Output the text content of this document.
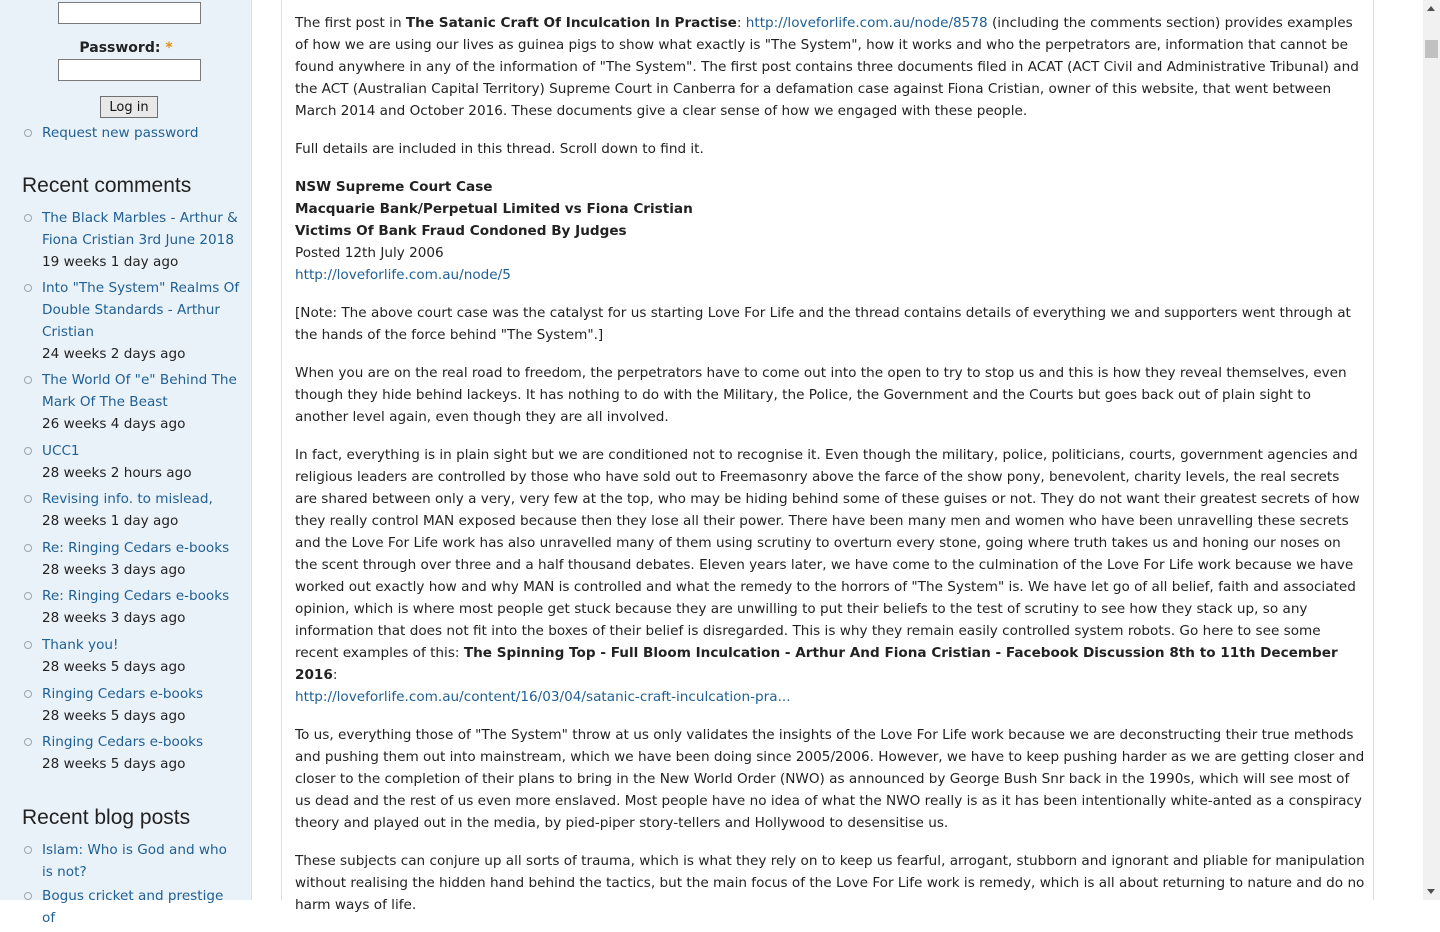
Password: *
Log in
Request new password
Recent comments
The Black Marbles - Arthur & Fiona Cristian 3rd June 2018
19 weeks 1 day ago
Into "The System" Realms Of Double Standards - Arthur Cristian
24 weeks 2 days ago
The World Of "e" Behind The Mark Of The Beast
26 weeks 4 days ago
UCC1
28 weeks 2 hours ago
Revising info. to mislead,
28 weeks 1 day ago
Re: Ringing Cedars e-books
28 weeks 3 days ago
Re: Ringing Cedars e-books
28 weeks 3 days ago
Thank you!
28 weeks 5 days ago
Ringing Cedars e-books
28 weeks 5 days ago
Ringing Cedars e-books
28 weeks 5 days ago
Recent blog posts
Islam: Who is God and who is not?
Bogus cricket and prestige of

The first post in The Satanic Craft Of Inculcation In Practise: http://loveforlife.com.au/node/8578 (including the comments section) provides examples of how we are using our lives as guinea pigs to show what exactly is "The System", how it works and who the perpetrators are, information that cannot be found anywhere in any of the information of "The System". The first post contains three documents filed in ACAT (ACT Civil and Administrative Tribunal) and the ACT (Australian Capital Territory) Supreme Court in Canberra for a defamation case against Fiona Cristian, owner of this website, that went between March 2014 and October 2016. These documents give a clear sense of how we engaged with these people.

Full details are included in this thread. Scroll down to find it.

NSW Supreme Court Case
Macquarie Bank/Perpetual Limited vs Fiona Cristian
Victims Of Bank Fraud Condoned By Judges
Posted 12th July 2006
http://loveforlife.com.au/node/5

[Note: The above court case was the catalyst for us starting Love For Life and the thread contains details of everything we and supporters went through at the hands of the force behind "The System".]

When you are on the real road to freedom, the perpetrators have to come out into the open to try to stop us and this is how they reveal themselves, even though they hide behind lackeys. It has nothing to do with the Military, the Police, the Government and the Courts but goes back out of plain sight to another level again, even though they are all involved.

In fact, everything is in plain sight but we are conditioned not to recognise it. Even though the military, police, politicians, courts, government agencies and religious leaders are controlled by those who have sold out to Freemasonry above the farce of the show pony, benevolent, charity levels, the real secrets are shared between only a very, very few at the top, who may be hiding behind some of these guises or not. They do not want their greatest secrets of how they really control MAN exposed because then they lose all their power. There have been many men and women who have been unravelling these secrets and the Love For Life work has also unravelled many of them using scrutiny to overturn every stone, going where truth takes us and honing our noses on the scent through over three and a half thousand debates. Eleven years later, we have come to the culmination of the Love For Life work because we have worked out exactly how and why MAN is controlled and what the remedy to the horrors of "The System" is. We have let go of all belief, faith and associated opinion, which is where most people get stuck because they are unwilling to put their beliefs to the test of scrutiny to see how they stack up, so any information that does not fit into the boxes of their belief is disregarded. This is why they remain easily controlled system robots. Go here to see some recent examples of this: The Spinning Top - Full Bloom Inculcation - Arthur And Fiona Cristian - Facebook Discussion 8th to 11th December 2016:
http://loveforlife.com.au/content/16/03/04/satanic-craft-inculcation-pra...

To us, everything those of "The System" throw at us only validates the insights of the Love For Life work because we are deconstructing their true methods and pushing them out into mainstream, which we have been doing since 2005/2006. However, we have to keep pushing harder as we are getting closer and closer to the completion of their plans to bring in the New World Order (NWO) as announced by George Bush Snr back in the 1990s, which will see most of us dead and the rest of us even more enslaved. Most people have no idea of what the NWO really is as it has been intentionally white-anted as a conspiracy theory and played out in the media, by pied-piper story-tellers and Hollywood to desensitise us.

These subjects can conjure up all sorts of trauma, which is what they rely on to keep us fearful, arrogant, stubborn and ignorant and pliable for manipulation without realising the hidden hand behind the tactics, but the main focus of the Love For Life work is remedy, which is all about returning to nature and do no harm ways of life.
